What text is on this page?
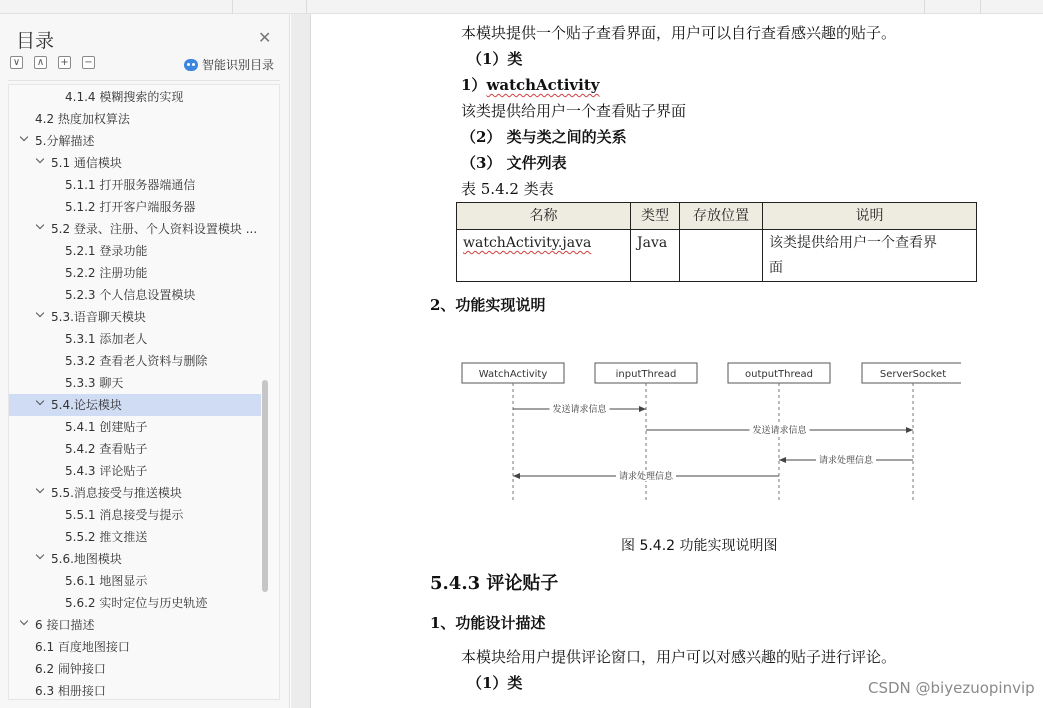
目录	✕
∨ ∧ + −	智能识别目录
4.1.4 模糊搜索的实现
4.2 热度加权算法
5.分解描述
5.1 通信模块
5.1.1 打开服务器端通信
5.1.2 打开客户端服务器
5.2 登录、注册、个人资料设置模块 ...
5.2.1 登录功能
5.2.2 注册功能
5.2.3 个人信息设置模块
5.3.语音聊天模块
5.3.1 添加老人
5.3.2 查看老人资料与删除
5.3.3 聊天
5.4.论坛模块
5.4.1 创建贴子
5.4.2 查看贴子
5.4.3 评论贴子
5.5.消息接受与推送模块
5.5.1 消息接受与提示
5.5.2 推文推送
5.6.地图模块
5.6.1 地图显示
5.6.2 实时定位与历史轨迹
6 接口描述
6.1 百度地图接口
6.2 闹钟接口
6.3 相册接口
本模块提供一个贴子查看界面，用户可以自行查看感兴趣的贴子。
（1）类
1）watchActivity
该类提供给用户一个查看贴子界面
（2） 类与类之间的关系
（3） 文件列表
表 5.4.2 类表
名称	类型	存放位置	说明
watchActivity.java	Java		该类提供给用户一个查看界
面
2、功能实现说明
WatchActivity	inputThread	outputThread	ServerSocket
发送请求信息
发送请求信息
请求处理信息
请求处理信息
图 5.4.2 功能实现说明图
5.4.3 评论贴子
1、功能设计描述
本模块给用户提供评论窗口，用户可以对感兴趣的贴子进行评论。
（1）类	CSDN @biyezuopinvip
